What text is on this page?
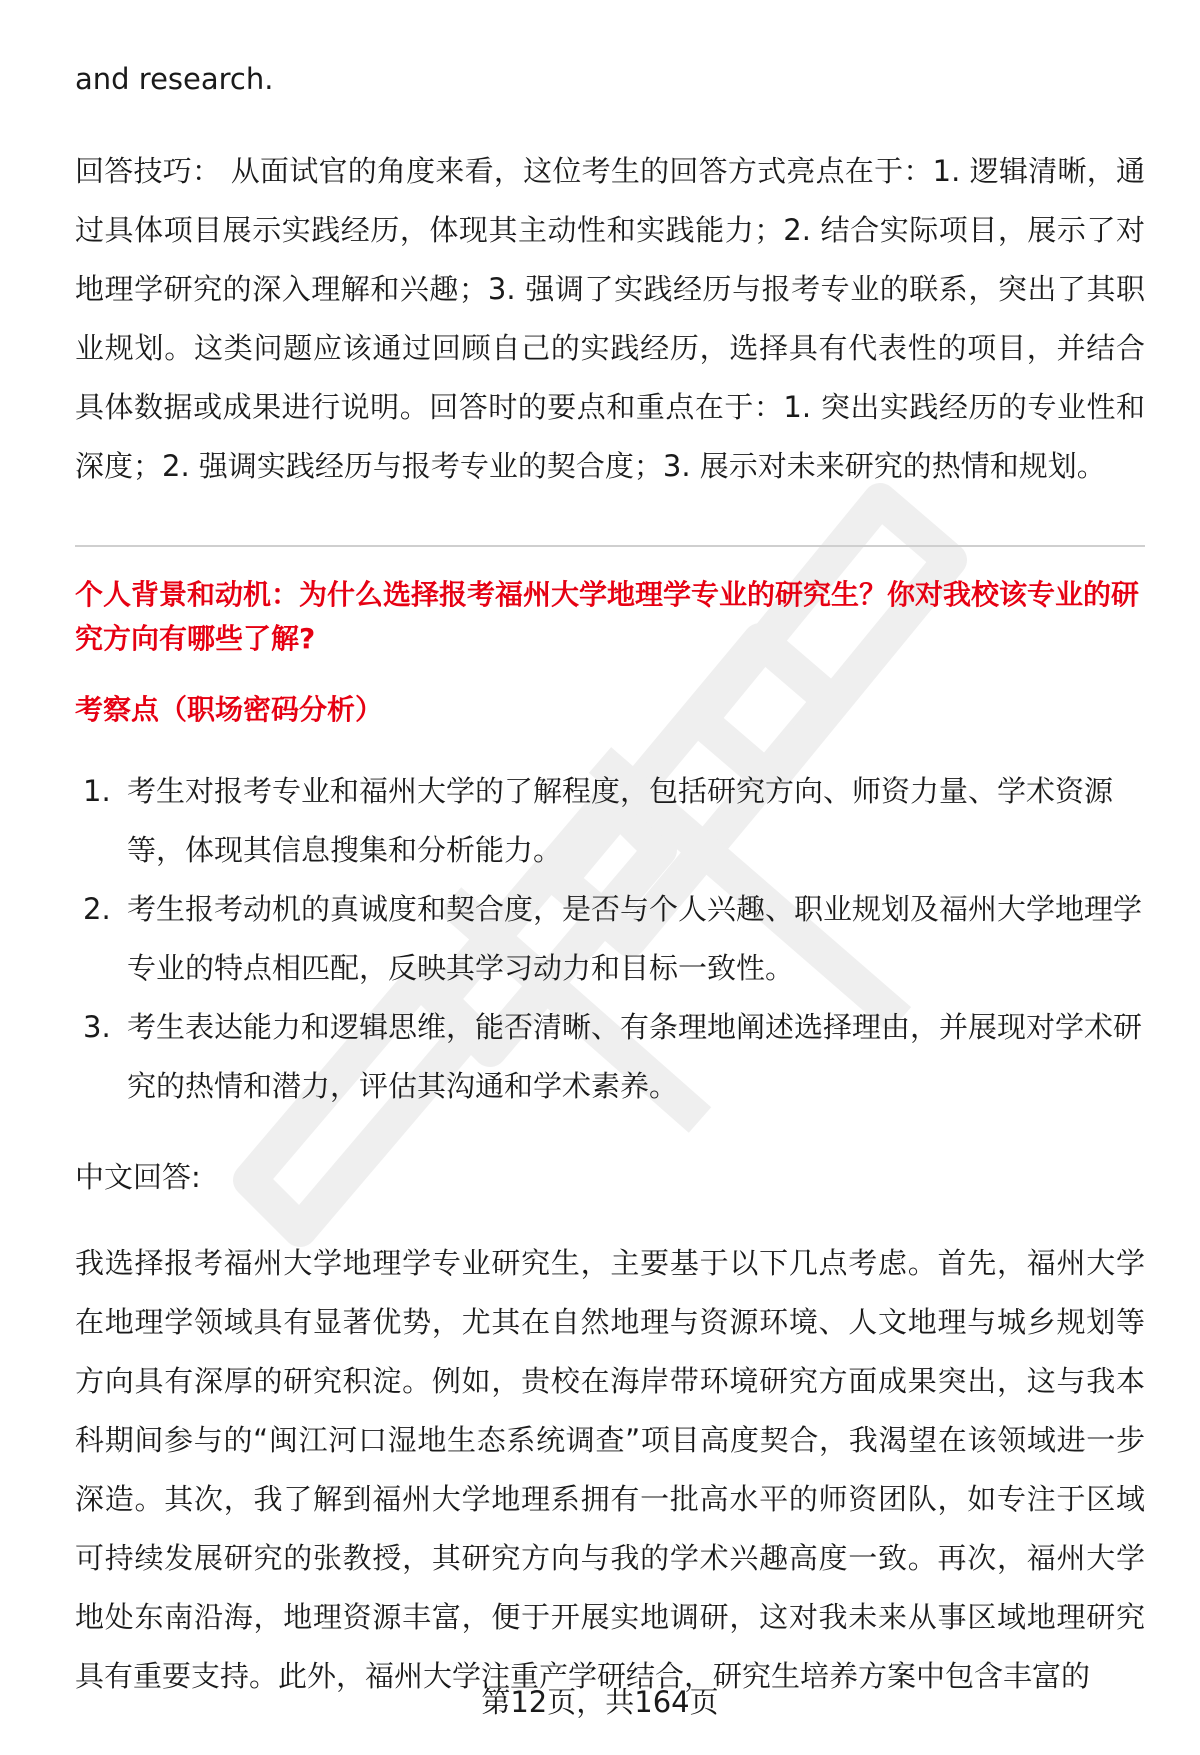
and research.

回答技巧： 从面试官的角度来看，这位考生的回答方式亮点在于：1. 逻辑清晰，通过具体项目展示实践经历，体现其主动性和实践能力；2. 结合实际项目，展示了对地理学研究的深入理解和兴趣；3. 强调了实践经历与报考专业的联系，突出了其职业规划。这类问题应该通过回顾自己的实践经历，选择具有代表性的项目，并结合具体数据或成果进行说明。回答时的要点和重点在于：1. 突出实践经历的专业性和深度；2. 强调实践经历与报考专业的契合度；3. 展示对未来研究的热情和规划。

个人背景和动机：为什么选择报考福州大学地理学专业的研究生？你对我校该专业的研究方向有哪些了解?
考察点（职场密码分析）
1. 考生对报考专业和福州大学的了解程度，包括研究方向、师资力量、学术资源等，体现其信息搜集和分析能力。
2. 考生报考动机的真诚度和契合度，是否与个人兴趣、职业规划及福州大学地理学专业的特点相匹配，反映其学习动力和目标一致性。
3. 考生表达能力和逻辑思维，能否清晰、有条理地阐述选择理由，并展现对学术研究的热情和潜力，评估其沟通和学术素养。
中文回答:

我选择报考福州大学地理学专业研究生，主要基于以下几点考虑。首先，福州大学在地理学领域具有显著优势，尤其在自然地理与资源环境、人文地理与城乡规划等方向具有深厚的研究积淀。例如，贵校在海岸带环境研究方面成果突出，这与我本科期间参与的“闽江河口湿地生态系统调查”项目高度契合，我渴望在该领域进一步深造。其次，我了解到福州大学地理系拥有一批高水平的师资团队，如专注于区域可持续发展研究的张教授，其研究方向与我的学术兴趣高度一致。再次，福州大学地处东南沿海，地理资源丰富，便于开展实地调研，这对我未来从事区域地理研究具有重要支持。此外，福州大学注重产学研结合，研究生培养方案中包含丰富的

第12页，共164页
